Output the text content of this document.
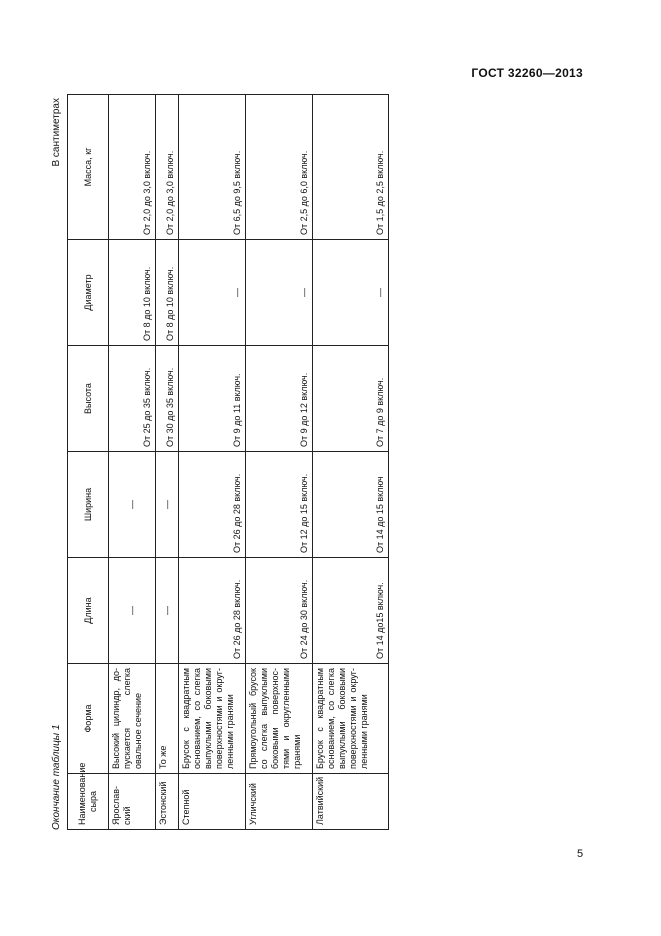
ГОСТ 32260—2013
Окончание таблицы 1
В сантиметрах
Наименование сыра	Форма	Длина	Ширина	Высота	Диаметр	Масса, кг
Ярослав-ский	Высокий цилиндр, до-пускается слегка овальное сечение	—	—	От 25 до 35 включ.	От 8 до 10 включ.	От 2,0 до 3,0 включ.
Эстонский	То же	—	—	От 30 до 35 включ.	От 8 до 10 включ.	От 2,0 до 3,0 включ.
Степной	Брусок с квадратным основанием, со слегка выпуклыми боковыми поверхностями и округ-ленными гранями	От 26 до 28 включ.	От 26 до 28 включ.	От 9 до 11 включ.	—	От 6,5 до 9,5 включ.
Угличский	Прямоугольный брусок со слегка выпуклыми боковыми поверхнос-тями и округленными гранями	От 24 до 30 включ.	От 12 до 15 включ.	От 9 до 12 включ.	—	От 2,5 до 6,0 включ.
Латвийский	Брусок с квадратным основанием, со слегка выпуклыми боковыми поверхностями и округ-ленными гранями	От 14 до15 включ.	От 14 до 15 включ	От 7 до 9 включ.	—	От 1,5 до 2,5 включ.
5
